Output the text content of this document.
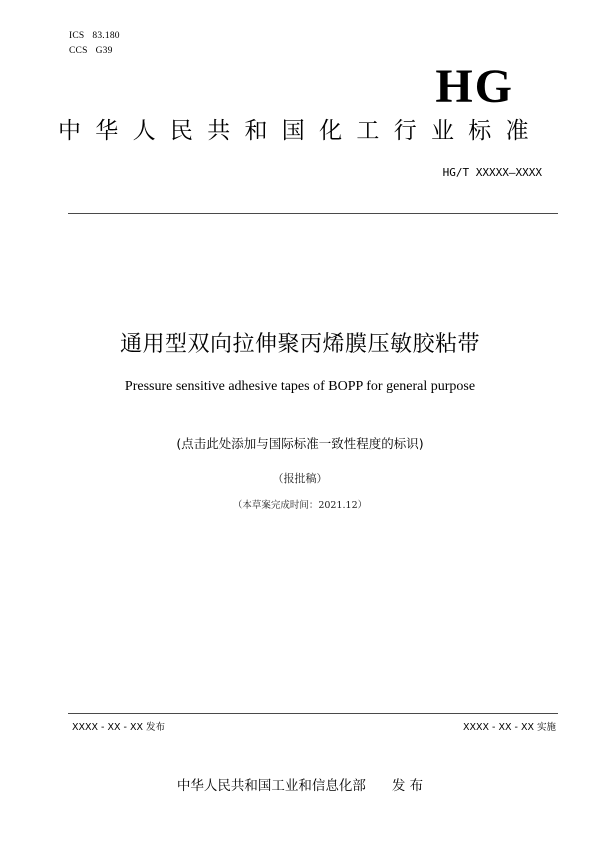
ICS 83.180
CCS G39
HG
中华人民共和国化工行业标准
HG/T XXXXX—XXXX
通用型双向拉伸聚丙烯膜压敏胶粘带
Pressure sensitive adhesive tapes of BOPP for general purpose
(点击此处添加与国际标准一致性程度的标识)
（报批稿）
（本草案完成时间：2021.12）
XXXX - XX - XX 发布	XXXX - XX - XX 实施
中华人民共和国工业和信息化部 发 布
